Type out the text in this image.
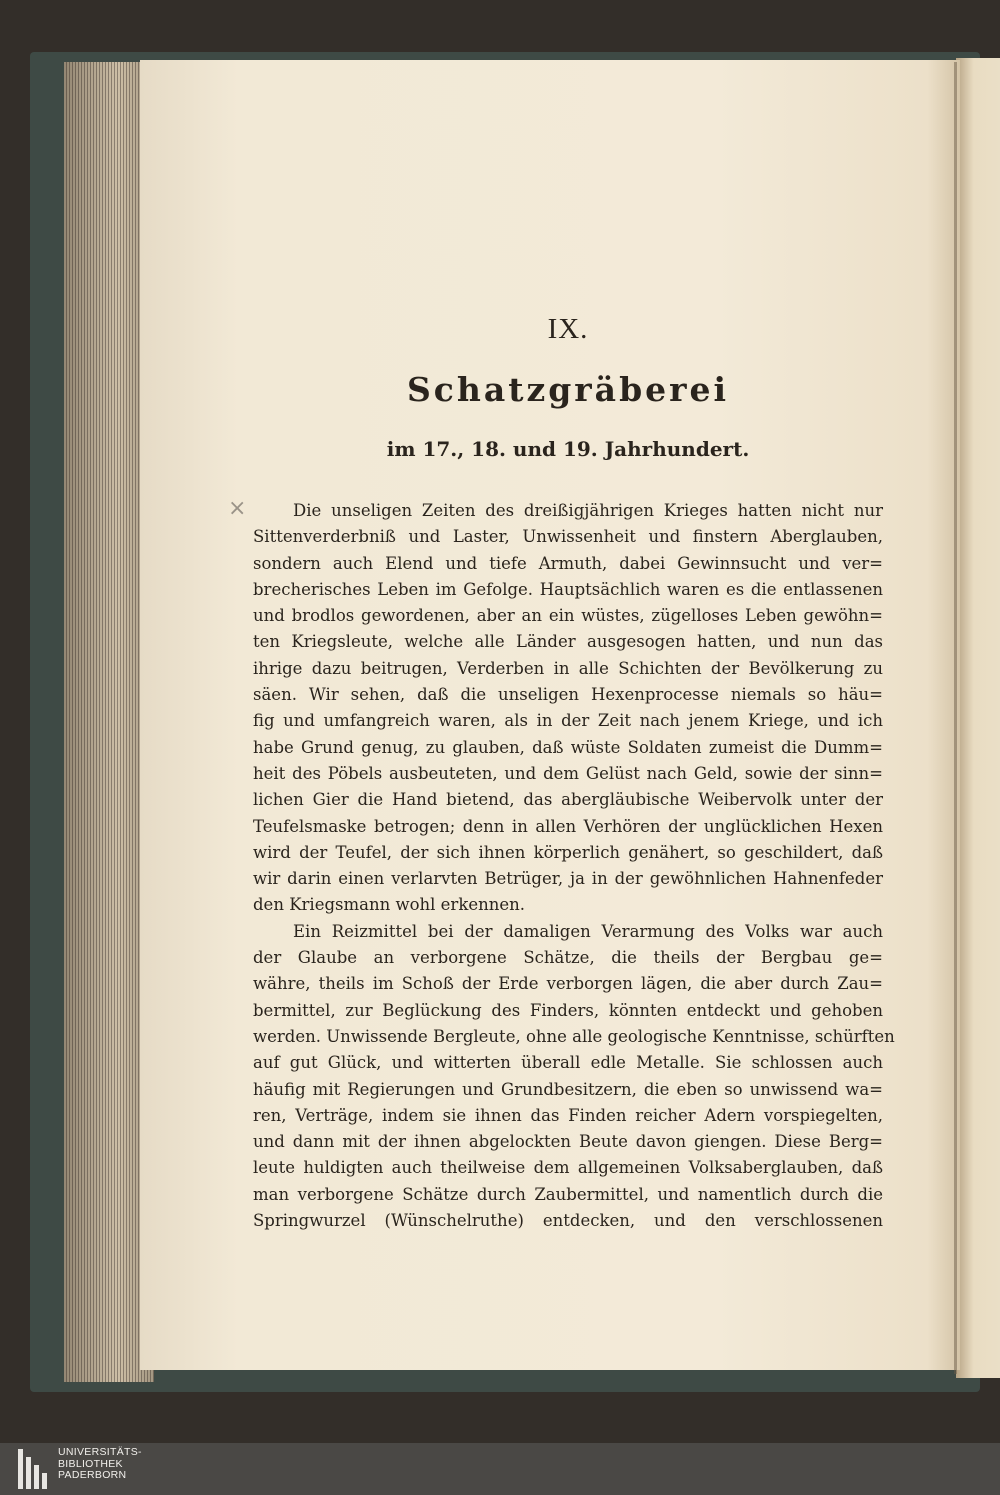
×
IX.
Schatzgräberei
im 17., 18. und 19. Jahrhundert.
Die unseligen Zeiten des dreißigjährigen Krieges hatten nicht nur
Sittenverderbniß und Laster, Unwissenheit und finstern Aberglauben,
sondern auch Elend und tiefe Armuth, dabei Gewinnsucht und ver=
brecherisches Leben im Gefolge. Hauptsächlich waren es die entlassenen
und brodlos gewordenen, aber an ein wüstes, zügelloses Leben gewöhn=
ten Kriegsleute, welche alle Länder ausgesogen hatten, und nun das
ihrige dazu beitrugen, Verderben in alle Schichten der Bevölkerung zu
säen. Wir sehen, daß die unseligen Hexenprocesse niemals so häu=
fig und umfangreich waren, als in der Zeit nach jenem Kriege, und ich
habe Grund genug, zu glauben, daß wüste Soldaten zumeist die Dumm=
heit des Pöbels ausbeuteten, und dem Gelüst nach Geld, sowie der sinn=
lichen Gier die Hand bietend, das abergläubische Weibervolk unter der
Teufelsmaske betrogen; denn in allen Verhören der unglücklichen Hexen
wird der Teufel, der sich ihnen körperlich genähert, so geschildert, daß
wir darin einen verlarvten Betrüger, ja in der gewöhnlichen Hahnenfeder
den Kriegsmann wohl erkennen.
Ein Reizmittel bei der damaligen Verarmung des Volks war auch
der Glaube an verborgene Schätze, die theils der Bergbau ge=
währe, theils im Schoß der Erde verborgen lägen, die aber durch Zau=
bermittel, zur Beglückung des Finders, könnten entdeckt und gehoben
werden. Unwissende Bergleute, ohne alle geologische Kenntnisse, schürften
auf gut Glück, und witterten überall edle Metalle. Sie schlossen auch
häufig mit Regierungen und Grundbesitzern, die eben so unwissend wa=
ren, Verträge, indem sie ihnen das Finden reicher Adern vorspiegelten,
und dann mit der ihnen abgelockten Beute davon giengen. Diese Berg=
leute huldigten auch theilweise dem allgemeinen Volksaberglauben, daß
man verborgene Schätze durch Zaubermittel, und namentlich durch die
Springwurzel (Wünschelruthe) entdecken, und den verschlossenen
UNIVERSITÄTS-
BIBLIOTHEK
PADERBORN
